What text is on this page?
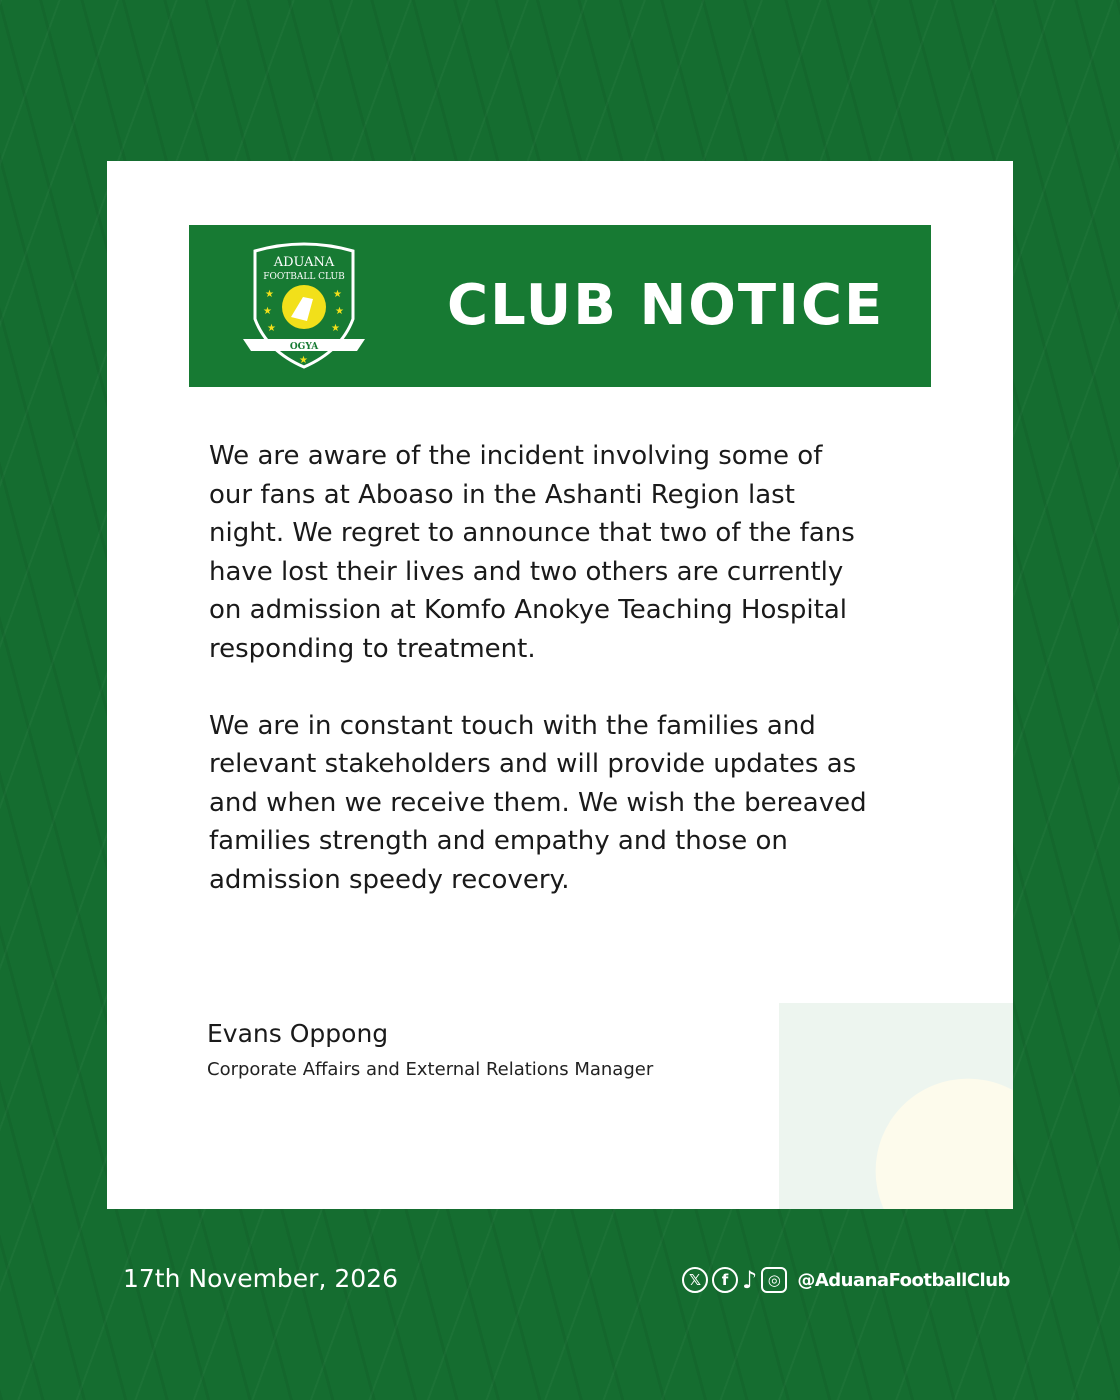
ADUANA
FOOTBALL CLUB
★
★
★
★
★
★
★
OGYA
CLUB NOTICE

We are aware of the incident involving some of
our fans at Aboaso in the Ashanti Region last
night. We regret to announce that two of the fans
have lost their lives and two others are currently
on admission at Komfo Anokye Teaching Hospital
responding to treatment.

We are in constant touch with the families and
relevant stakeholders and will provide updates as
and when we receive them. We wish the bereaved
families strength and empathy and those on
admission speedy recovery.

Evans Oppong
Corporate Affairs and External Relations Manager
17th November, 2026	𝕏	f ♪ ◎ @AduanaFootballClub
